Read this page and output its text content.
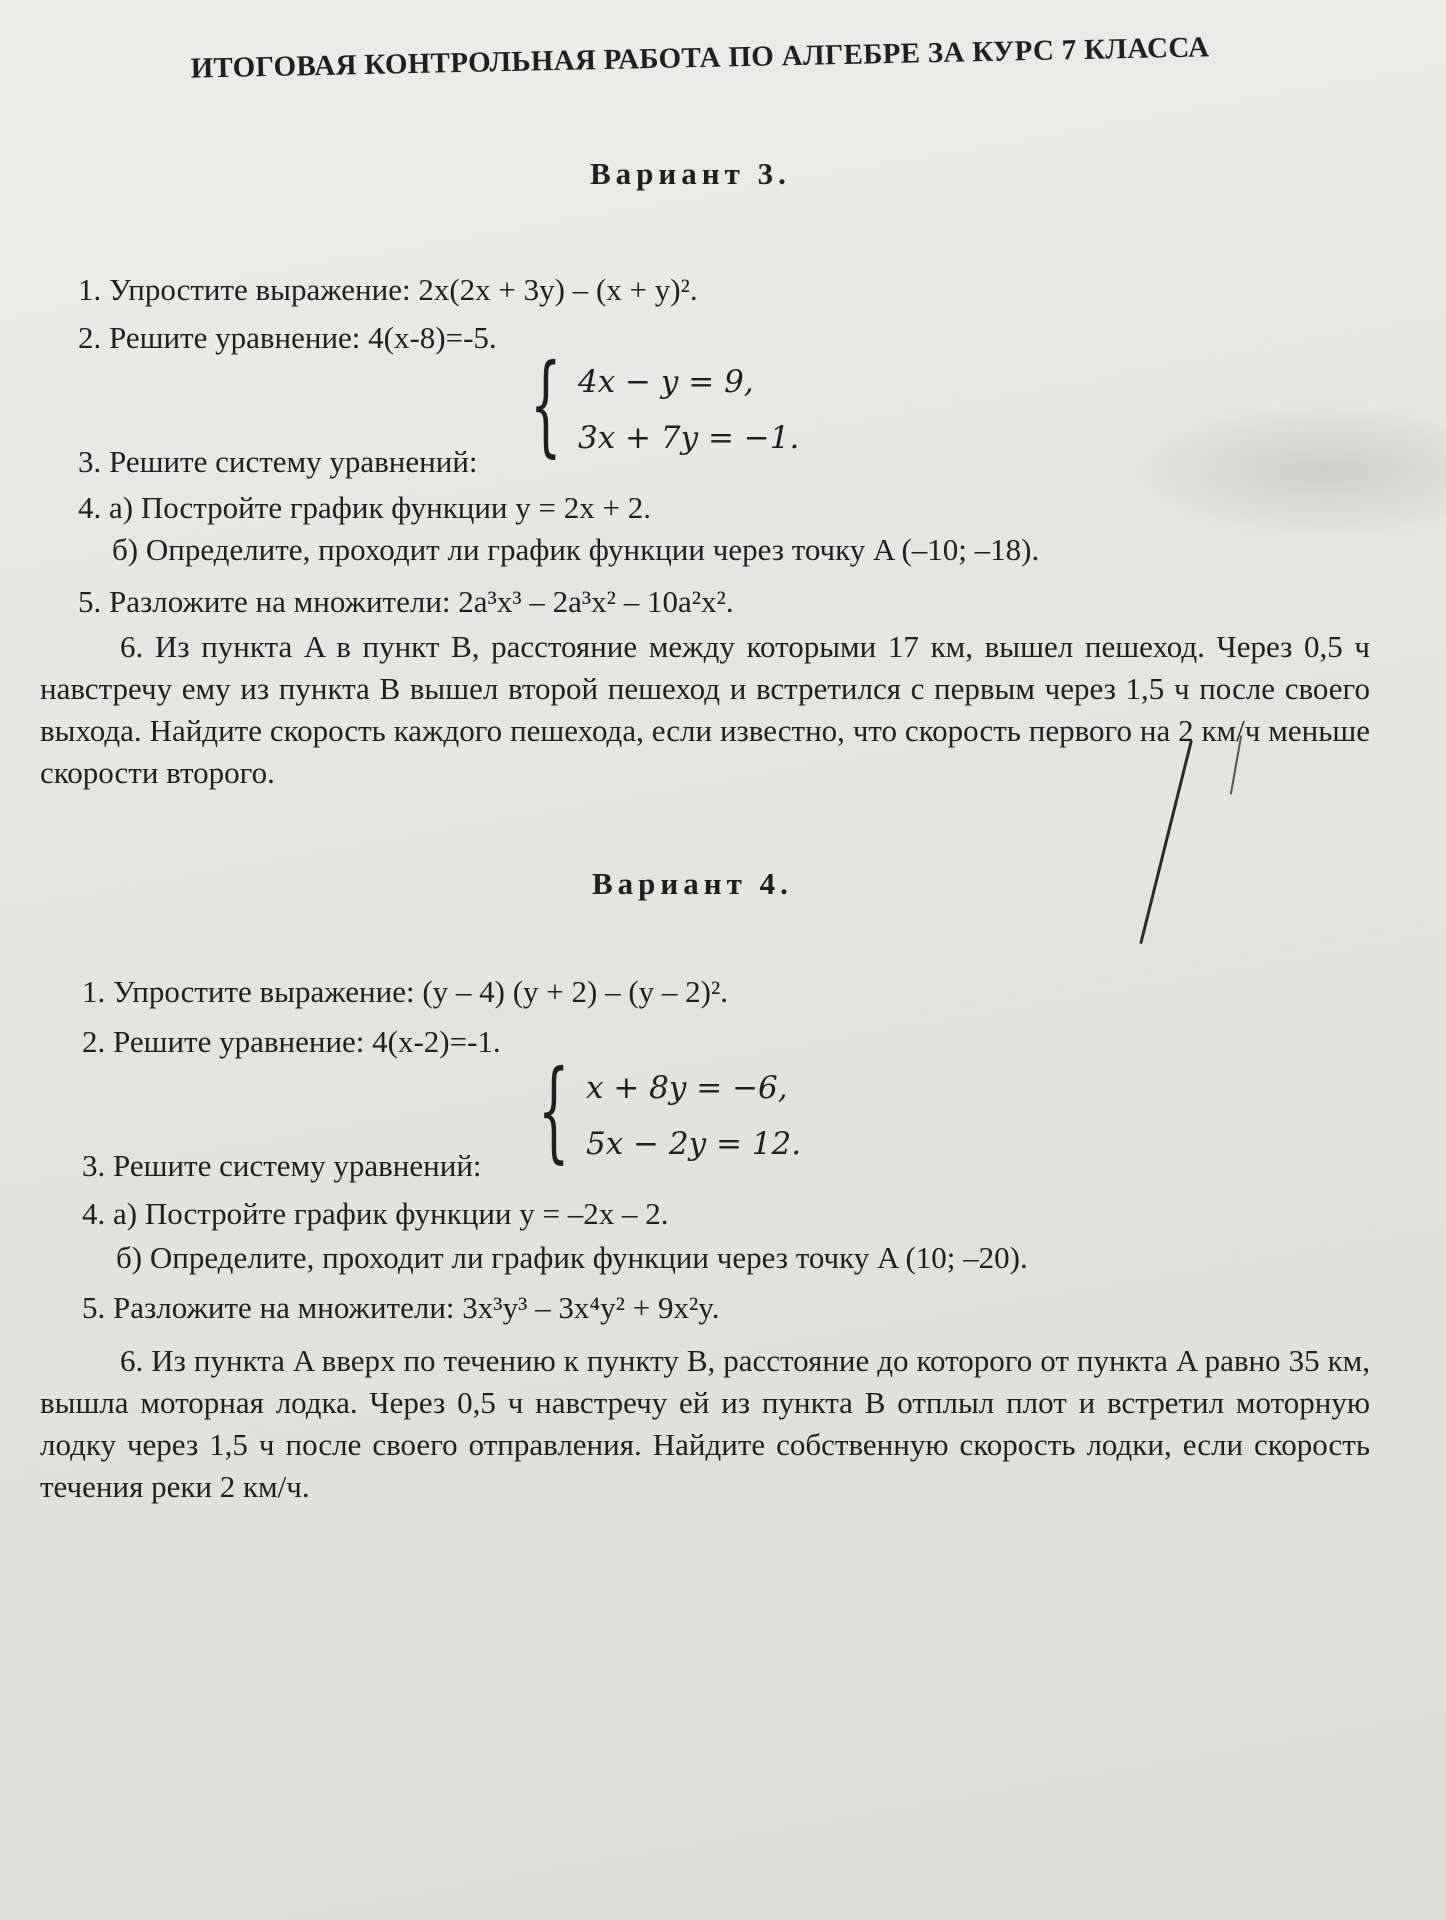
ИТОГОВАЯ КОНТРОЛЬНАЯ РАБОТА ПО АЛГЕБРЕ ЗА КУРС 7 КЛАССА
Вариант 3.
1. Упростите выражение: 2x(2x + 3y) – (x + y)².
2. Решите уравнение: 4(x-8)=-5.
{ 4x − y = 9,
3x + 7y = −1.
3. Решите систему уравнений:
4. а) Постройте график функции y = 2x + 2.
б) Определите, проходит ли график функции через точку A (–10; –18).
5. Разложите на множители: 2a³x³ – 2a³x² – 10a²x².
6. Из пункта A в пункт B, расстояние между которыми 17 км, вышел пешеход. Через 0,5 ч навстречу ему из пункта B вышел второй пешеход и встретился с первым через 1,5 ч после своего выхода. Найдите скорость каждого пешехода, если известно, что скорость первого на 2 км/ч меньше скорости второго.
Вариант 4.
1. Упростите выражение: (y – 4) (y + 2) – (y – 2)².
2. Решите уравнение: 4(x-2)=-1.
{ x + 8y = −6,
5x − 2y = 12.
3. Решите систему уравнений:
4. а) Постройте график функции y = –2x – 2.
б) Определите, проходит ли график функции через точку A (10; –20).
5. Разложите на множители: 3x³y³ – 3x⁴y² + 9x²y.
6. Из пункта A вверх по течению к пункту B, расстояние до которого от пункта A равно 35 км, вышла моторная лодка. Через 0,5 ч навстречу ей из пункта B отплыл плот и встретил моторную лодку через 1,5 ч после своего отправления. Найдите собственную скорость лодки, если скорость течения реки 2 км/ч.
